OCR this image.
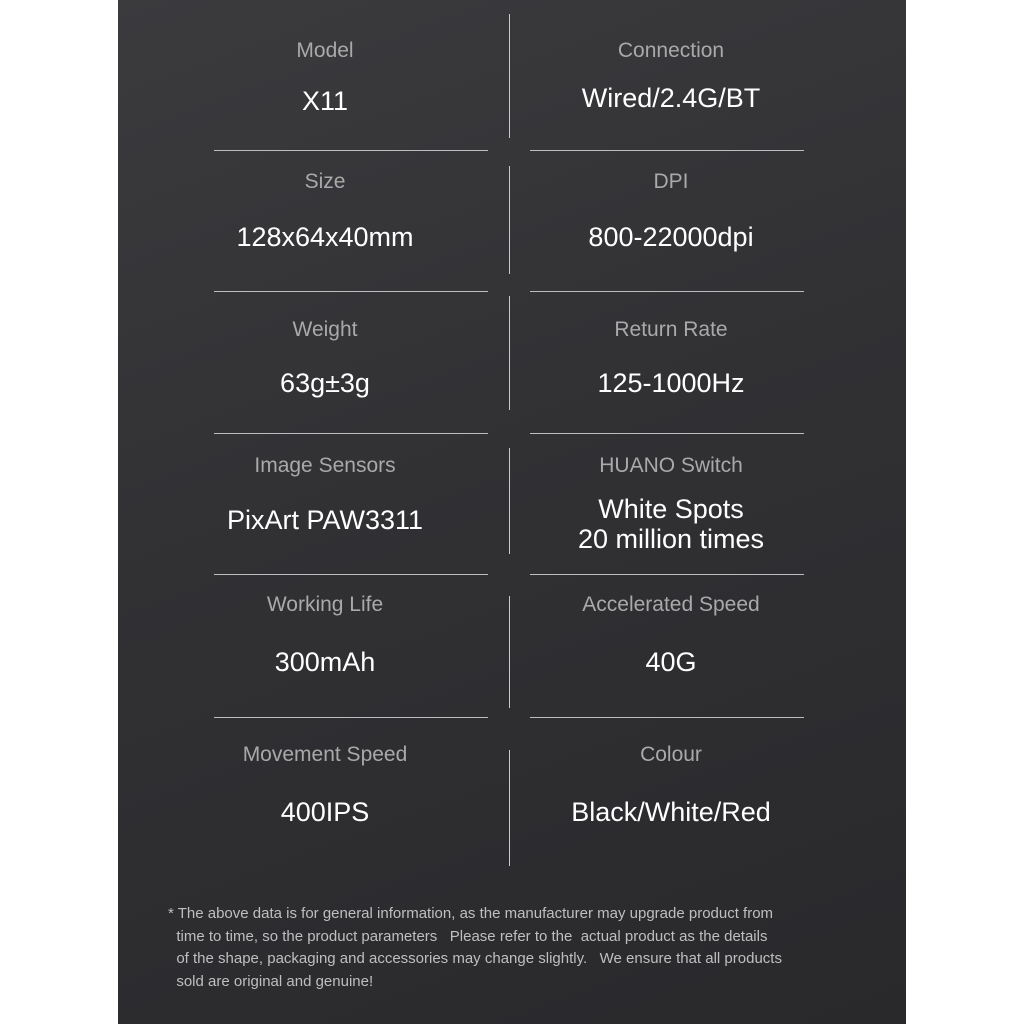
Model
X11
Connection
Wired/2.4G/BT
Size
128x64x40mm
DPI
800-22000dpi
Weight
63g±3g
Return Rate
125-1000Hz
Image Sensors
PixArt PAW3311
HUANO Switch
White Spots
20 million times
Working Life
300mAh
Accelerated Speed
40G
Movement Speed
400IPS
Colour
Black/White/Red

* The above data is for general information, as the manufacturer may upgrade product from

time to time, so the product parameters   Please refer to the  actual product as the details

of the shape, packaging and accessories may change slightly.   We ensure that all products

sold are original and genuine!
